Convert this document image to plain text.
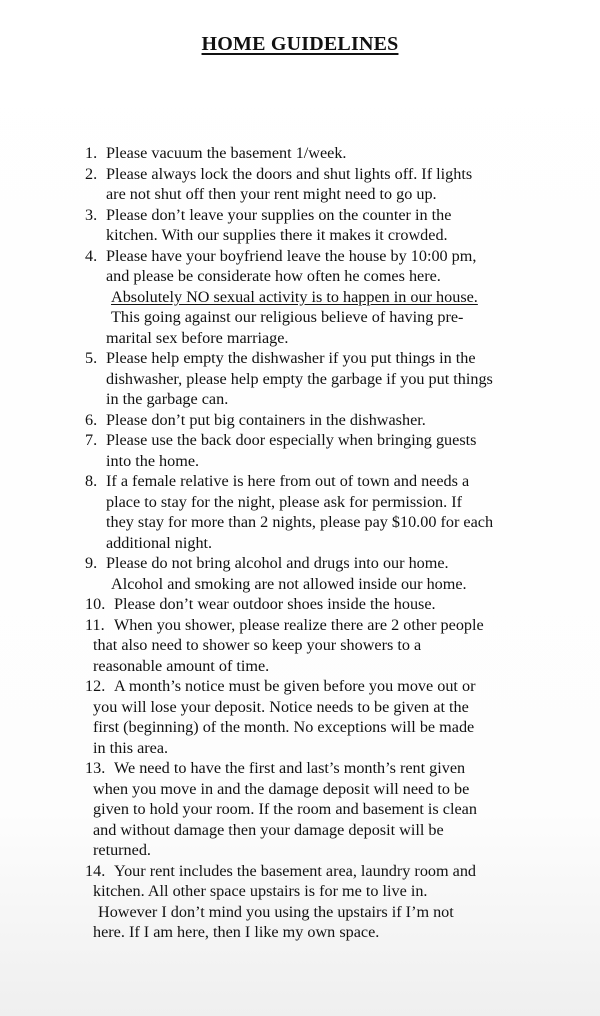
HOME GUIDELINES
1. Please vacuum the basement 1/week.
2. Please always lock the doors and shut lights off. If lights
are not shut off then your rent might need to go up.
3. Please don’t leave your supplies on the counter in the
kitchen. With our supplies there it makes it crowded.
4. Please have your boyfriend leave the house by 10:00 pm,
and please be considerate how often he comes here.
Absolutely NO sexual activity is to happen in our house.
This going against our religious believe of having pre-
marital sex before marriage.
5. Please help empty the dishwasher if you put things in the
dishwasher, please help empty the garbage if you put things
in the garbage can.
6. Please don’t put big containers in the dishwasher.
7. Please use the back door especially when bringing guests
into the home.
8. If a female relative is here from out of town and needs a
place to stay for the night, please ask for permission. If
they stay for more than 2 nights, please pay $10.00 for each
additional night.
9. Please do not bring alcohol and drugs into our home.
Alcohol and smoking are not allowed inside our home.
10. Please don’t wear outdoor shoes inside the house.
11. When you shower, please realize there are 2 other people
that also need to shower so keep your showers to a
reasonable amount of time.
12. A month’s notice must be given before you move out or
you will lose your deposit. Notice needs to be given at the
first (beginning) of the month. No exceptions will be made
in this area.
13. We need to have the first and last’s month’s rent given
when you move in and the damage deposit will need to be
given to hold your room. If the room and basement is clean
and without damage then your damage deposit will be
returned.
14. Your rent includes the basement area, laundry room and
kitchen. All other space upstairs is for me to live in.
However I don’t mind you using the upstairs if I’m not
here. If I am here, then I like my own space.
